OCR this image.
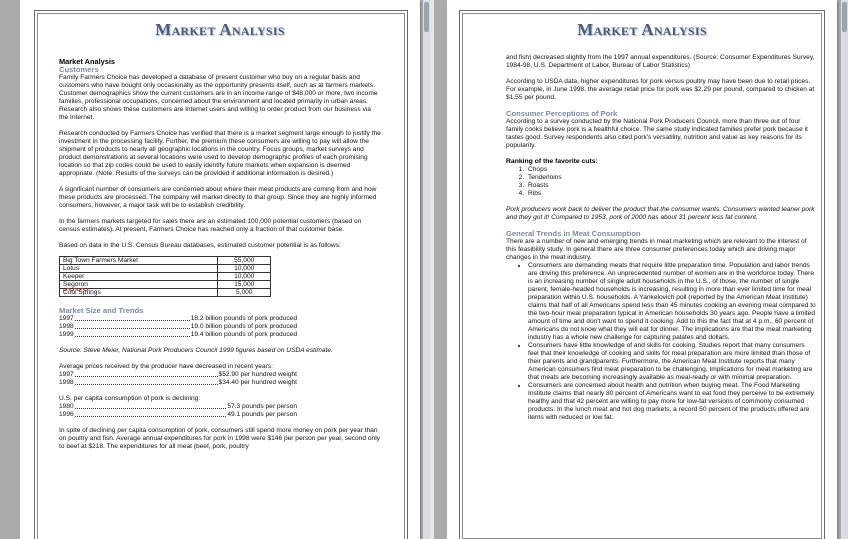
Market Analysis
Market Analysis
Customers

Family Farmers Choice has developed a database of present customer who buy on a regular basis and customers who have bought only occasionally as the opportunity presents itself, such as at farmers markets. Customer demographics show the current customers are in an income range of $48,000 or more, two income families, professional occupations, concerned about the environment and located primarily in urban areas. Research also shows these customers are Internet users and willing to order product from our business via the Internet.

Research conducted by Farmers Choice has verified that there is a market segment large enough to justify the investment in the processing facility. Further, the premium these consumers are willing to pay will allow the shipment of products to nearly all geographic locations in the country. Focus groups, market surveys and product demonstrations at several locations were used to develop demographic profiles of each promising location so that zip codes could be used to easily identify future markets when expansion is deemed appropriate. (Note: Results of the surveys can be provided if additional information is desired.)

A significant number of consumers are concerned about where their meat products are coming from and how these products are processed. The company will market directly to that group. Since they are highly informed consumers, however, a major task will be to establish credibility.

In the farmers markets targeted for sales there are an estimated 100,000 potential customers (based on census estimates). At present, Farmers Choice has reached only a fraction of that customer base.

Based on data in the U.S. Census Bureau databases, estimated customer potential is as follows:

Big Town Farmers Market	55,000
Lotus	10,000
Keeper	10,000
Segoron	15,000
Cool Springs	5,000
Market Size and Trends
1997	18.2 billion pounds of pork produced
1998	19.0 billion pounds of pork produced
1999	19.4 billion pounds of pork produced

Source: Steve Meier, National Pork Producers Council 1999 figures based on USDA estimate.

Average prices received by the producer have decreased in recent years:
1997	$52.90 per hundred weight
1998	$34.40 per hundred weight
U.S. per capita consumption of pork is declining:
1980	57.3 pounds per person
1996	49.1 pounds per person

In spite of declining per capita consumption of pork, consumers still spend more money on pork per year than on poultry and fish. Average annual expenditures for pork in 1998 were $146 per person per year, second only to beef at $218. The expenditures for all meat (beef, pork, poultry

Market Analysis

and fish) decreased slightly from the 1997 annual expenditures. (Source: Consumer Expenditures Survey, 1984-98, U.S. Department of Labor, Bureau of Labor Statistics)

According to USDA data, higher expenditures for pork versus poultry may have been due to retail prices. For example, in June 1998, the average retail price for pork was $2.29 per pound, compared to chicken at $1.55 per pound.

Consumer Perceptions of Pork

According to a survey conducted by the National Pork Producers Council, more than three out of four family cooks believe pork is a healthful choice. The same study indicated families prefer pork because it tastes good. Survey respondents also cited pork's versatility, nutrition and value as key reasons for its popularity.

Ranking of the favorite cuts:
1. Chops
2. Tenderloins
3. Roasts
4. Ribs

Pork producers work back to deliver the product that the consumer wants. Consumers wanted leaner pork and they got it! Compared to 1953, pork of 2000 has about 31 percent less fat content.

General Trends in Meat Consumption
There are a number of new and emerging trends in meat marketing which are relevant to the interest of this feasibility study. In general there are three consumer preferences today which are driving major changes in the meat industry.
• Consumers are demanding meats that require little preparation time. Population and labor trends are driving this preference. An unprecedented number of women are in the workforce today. There is an increasing number of single adult households in the U.S., of those, the number of single parent, female-headed households is increasing, resulting in more than ever limited time for meal preparation within U.S. households. A Yankelovich poll (reported by the American Meat Institute) claims that half of all Americans spend less than 45 minutes cooking an evening meal compared to the two-hour meal preparation typical in American households 30 years ago. People have a limited amount of time and don't want to spend it cooking. Add to this the fact that at 4 p.m., 60 percent of Americans do not know what they will eat for dinner. The implications are that the meat marketing industry has a whole new challenge for capturing palates and dollars.
• Consumers have little knowledge of and skills for cooking. Studies report that many consumers feel that their knowledge of cooking and skills for meal preparation are more limited than those of their parents and grandparents. Furthermore, the American Meat Institute reports that many American consumers find meat preparation to be challenging. Implications for meat marketing are that meats are becoming increasingly available as meal-ready or with minimal preparation.
• Consumers are concerned about health and nutrition when buying meat. The Food Marketing Institute claims that nearly 80 percent of Americans want to eat food they perceive to be extremely healthy and that 42 percent are willing to pay more for low-fat versions of commonly consumed products. In the lunch meat and hot dog markets, a record 50 percent of the products offered are items with reduced or low fat.
